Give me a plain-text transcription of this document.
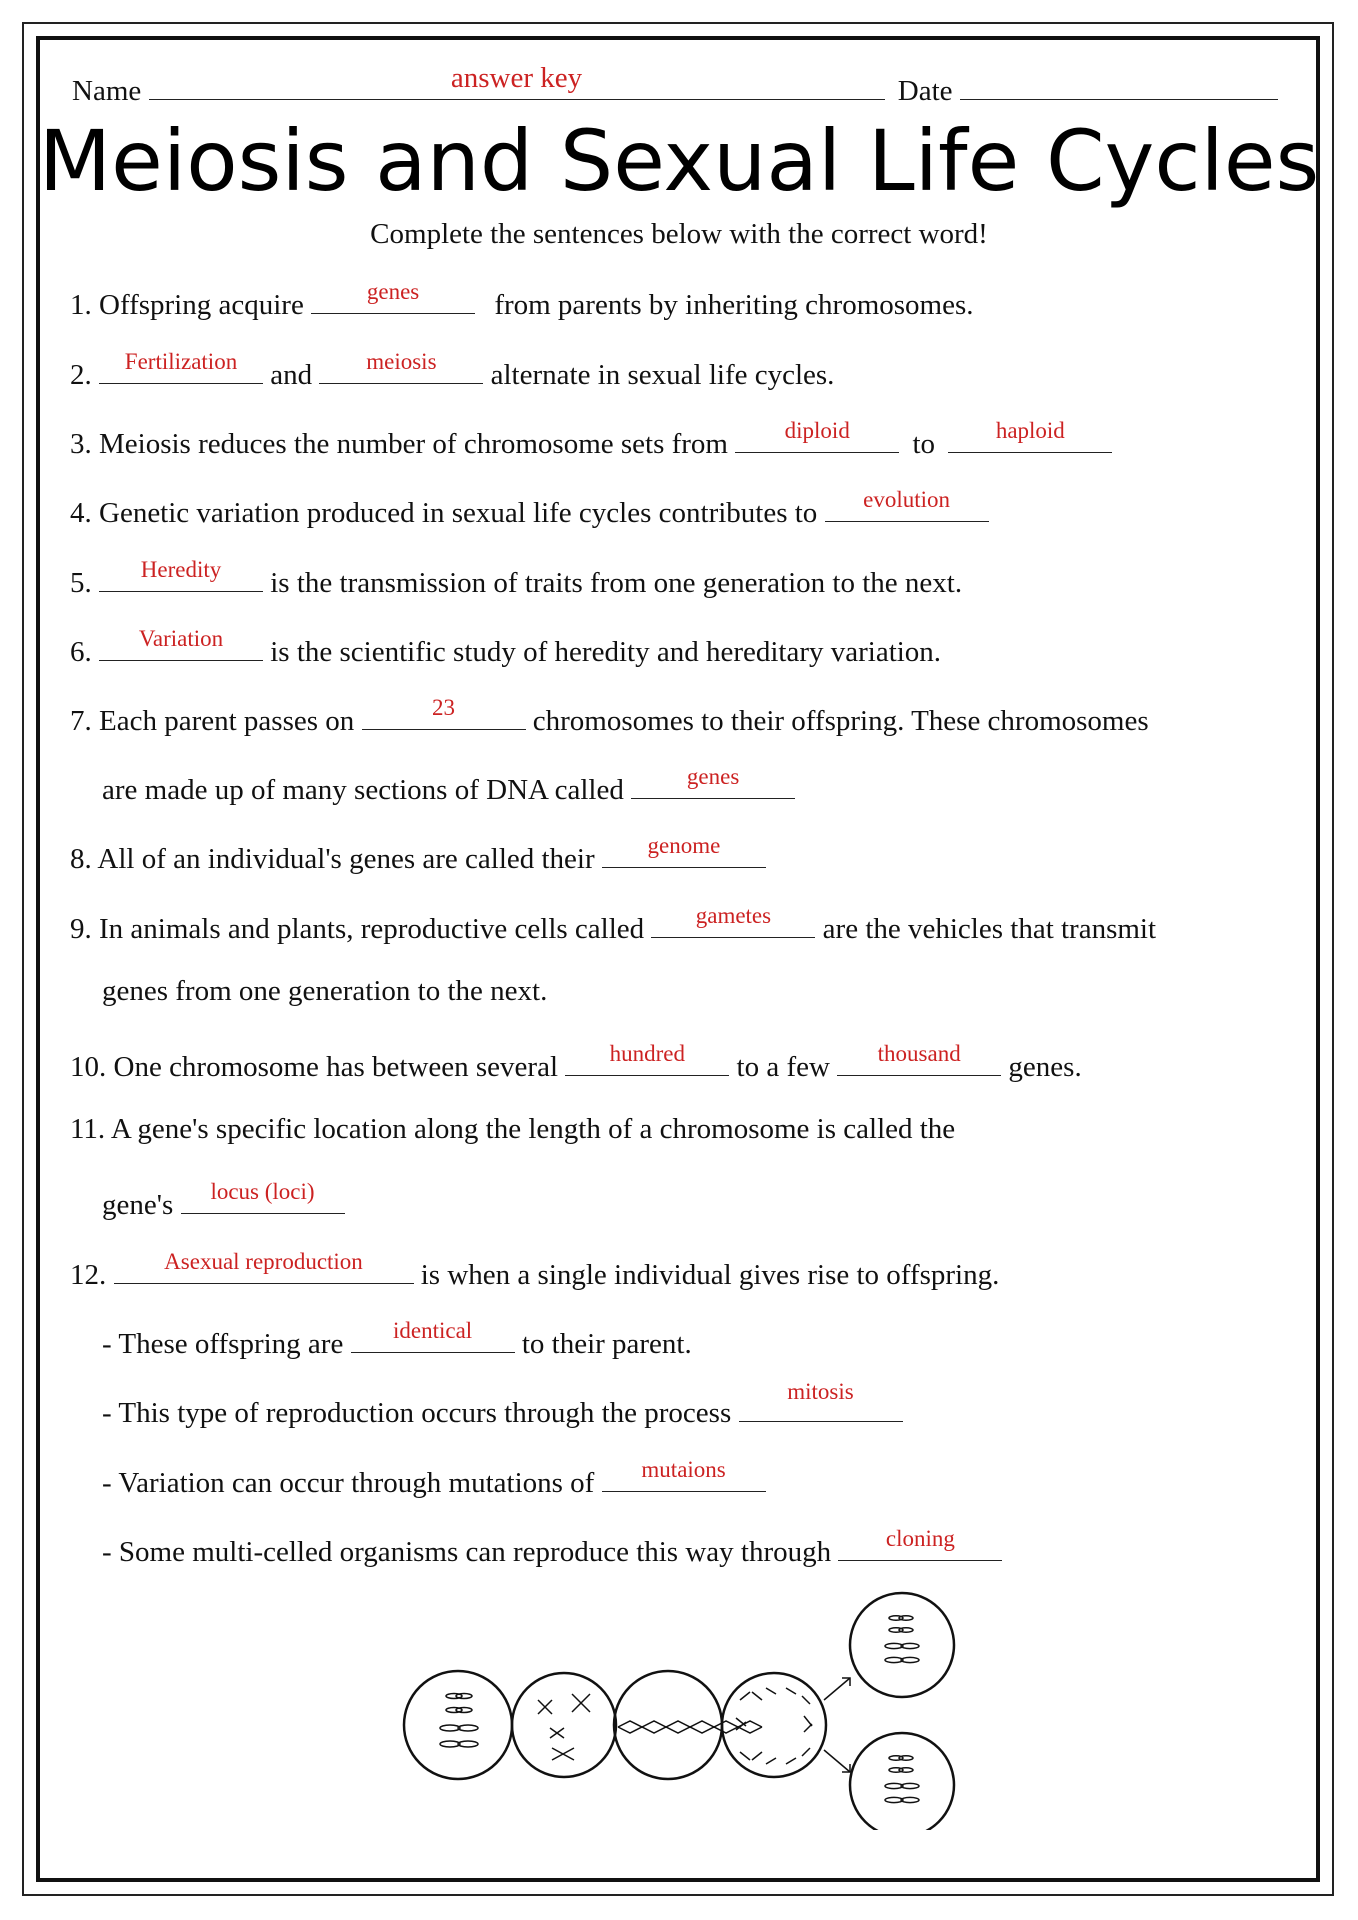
Name	answer key	Date
Meiosis and Sexual Life Cycles
Complete the sentences below with the correct word!
1. Offspring acquire	genes	from parents by inheriting chromosomes.
2.	Fertilization	and	meiosis	alternate in sexual life cycles.
3. Meiosis reduces the number of chromosome sets from	diploid	to	haploid
4. Genetic variation produced in sexual life cycles contributes to	evolution
5.	Heredity	is the transmission of traits from one generation to the next.
6.	Variation	is the scientific study of heredity and hereditary variation.
7. Each parent passes on	23	chromosomes to their offspring. These chromosomes
are made up of many sections of DNA called	genes
8. All of an individual's genes are called their	genome
9. In animals and plants, reproductive cells called	gametes	are the vehicles that transmit
genes from one generation to the next.
10. One chromosome has between several	hundred	to a few	thousand	genes.
11. A gene's specific location along the length of a chromosome is called the
gene's	locus (loci)
12.	Asexual reproduction	is when a single individual gives rise to offspring.
- These offspring are	identical	to their parent.
- This type of reproduction occurs through the process
mitosis
- Variation can occur through mutations of	mutaions
- Some multi-celled organisms can reproduce this way through	cloning
